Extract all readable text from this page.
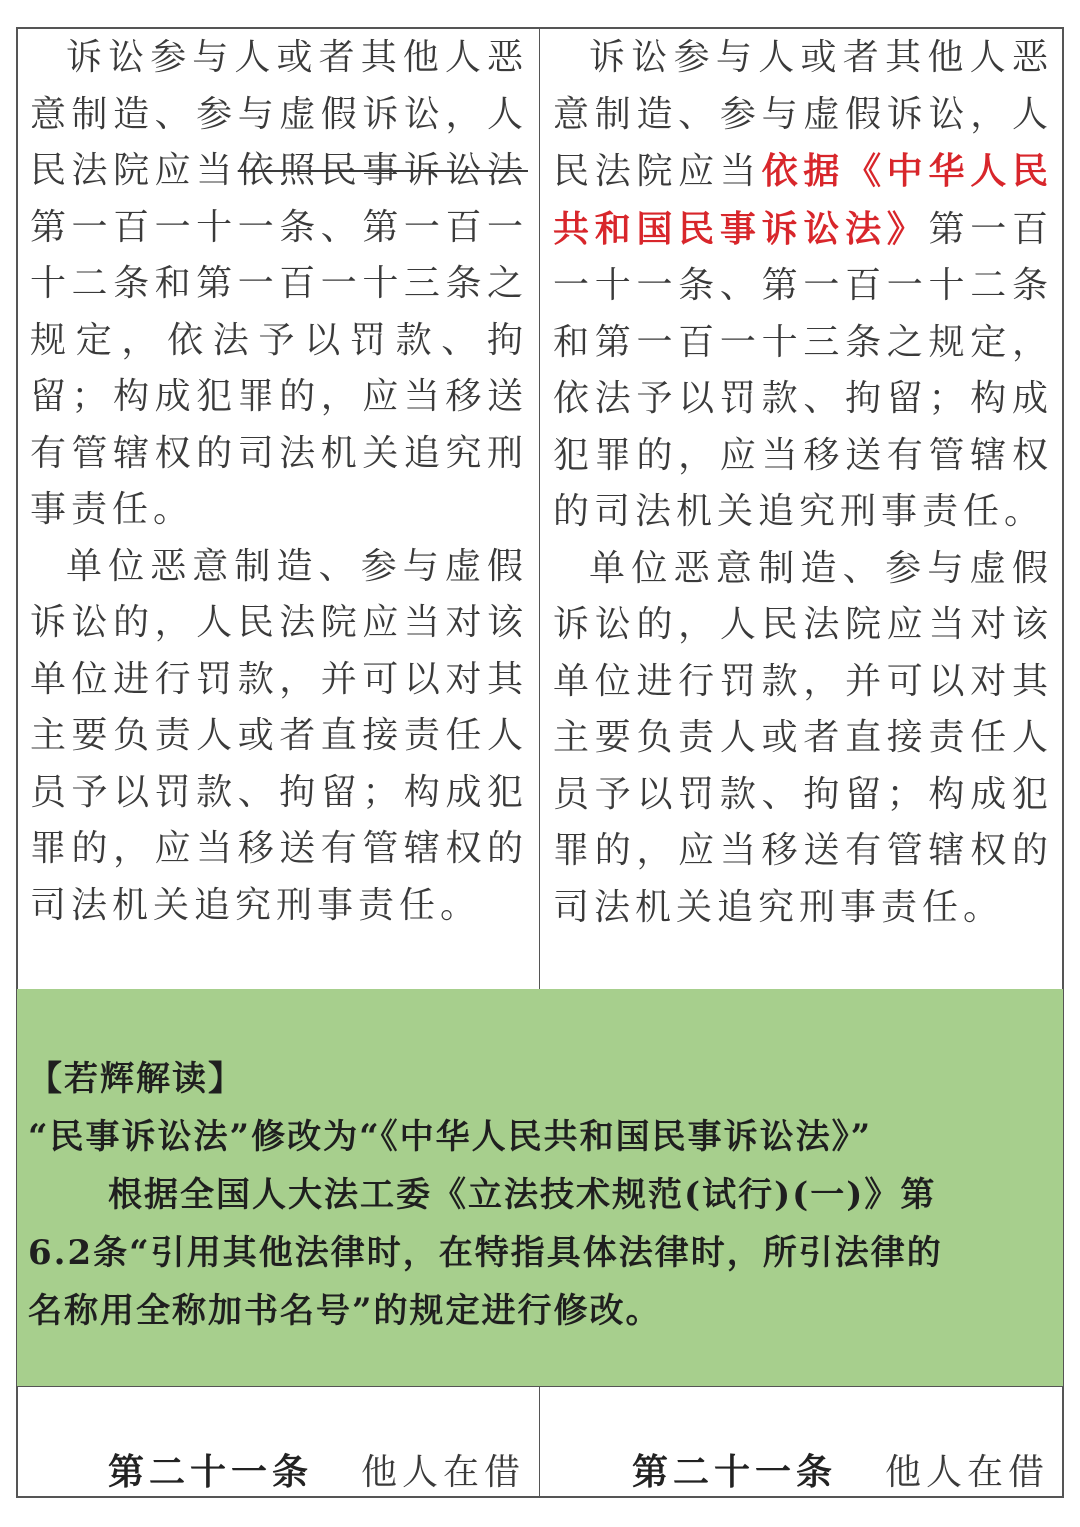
诉讼参与人或者其他人恶意制造、参与虚假诉讼，人民法院应当依照民事诉讼法第一百一十一条、第一百一十二条和第一百一十三条之规定，依法予以罚款、拘留；构成犯罪的，应当移送有管辖权的司法机关追究刑事责任。

单位恶意制造、参与虚假诉讼的，人民法院应当对该单位进行罚款，并可以对其主要负责人或者直接责任人员予以罚款、拘留；构成犯罪的，应当移送有管辖权的司法机关追究刑事责任。

诉讼参与人或者其他人恶意制造、参与虚假诉讼，人民法院应当依据《中华人民共和国民事诉讼法》第一百一十一条、第一百一十二条和第一百一十三条之规定，依法予以罚款、拘留；构成犯罪的，应当移送有管辖权的司法机关追究刑事责任。

单位恶意制造、参与虚假诉讼的，人民法院应当对该单位进行罚款，并可以对其主要负责人或者直接责任人员予以罚款、拘留；构成犯罪的，应当移送有管辖权的司法机关追究刑事责任。

【若辉解读】
“民事诉讼法”修改为“《中华人民共和国民事诉讼法》”
根据全国人大法工委《立法技术规范(试行)(一)》第
6.2条“引用其他法律时，在特指具体法律时，所引法律的
名称用全称加书名号”的规定进行修改。
第二十一条 他人在借	第二十一条 他人在借
